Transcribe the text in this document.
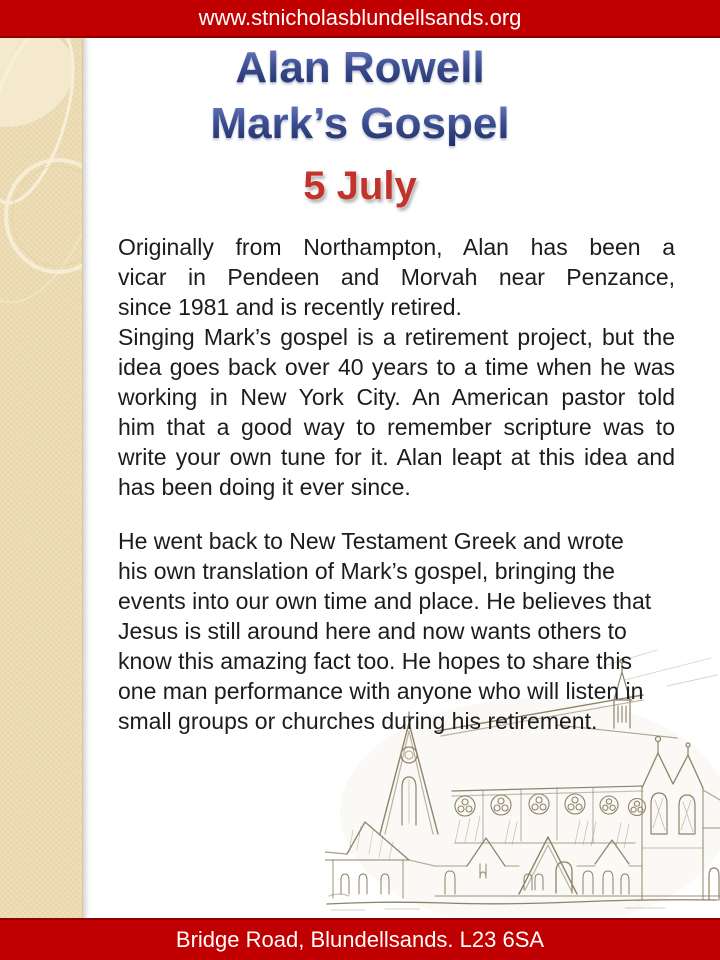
www.stnicholasblundellsands.org
Alan Rowell
Mark’s Gospel
5 July
Originally from Northampton, Alan has been a
vicar in Pendeen and Morvah near Penzance,
since 1981 and is recently retired.
Singing Mark’s gospel is a retirement project, but the
idea goes back over 40 years to a time when he was
working in New York City. An American pastor told
him that a good way to remember scripture was to
write your own tune for it. Alan leapt at this idea and
has been doing it ever since.
He went back to New Testament Greek and wrote
his own translation of Mark’s gospel, bringing the
events into our own time and place. He believes that
Jesus is still around here and now wants others to
know this amazing fact too. He hopes to share this
one man performance with anyone who will listen in
small groups or churches during his retirement.
Bridge Road, Blundellsands. L23 6SA
